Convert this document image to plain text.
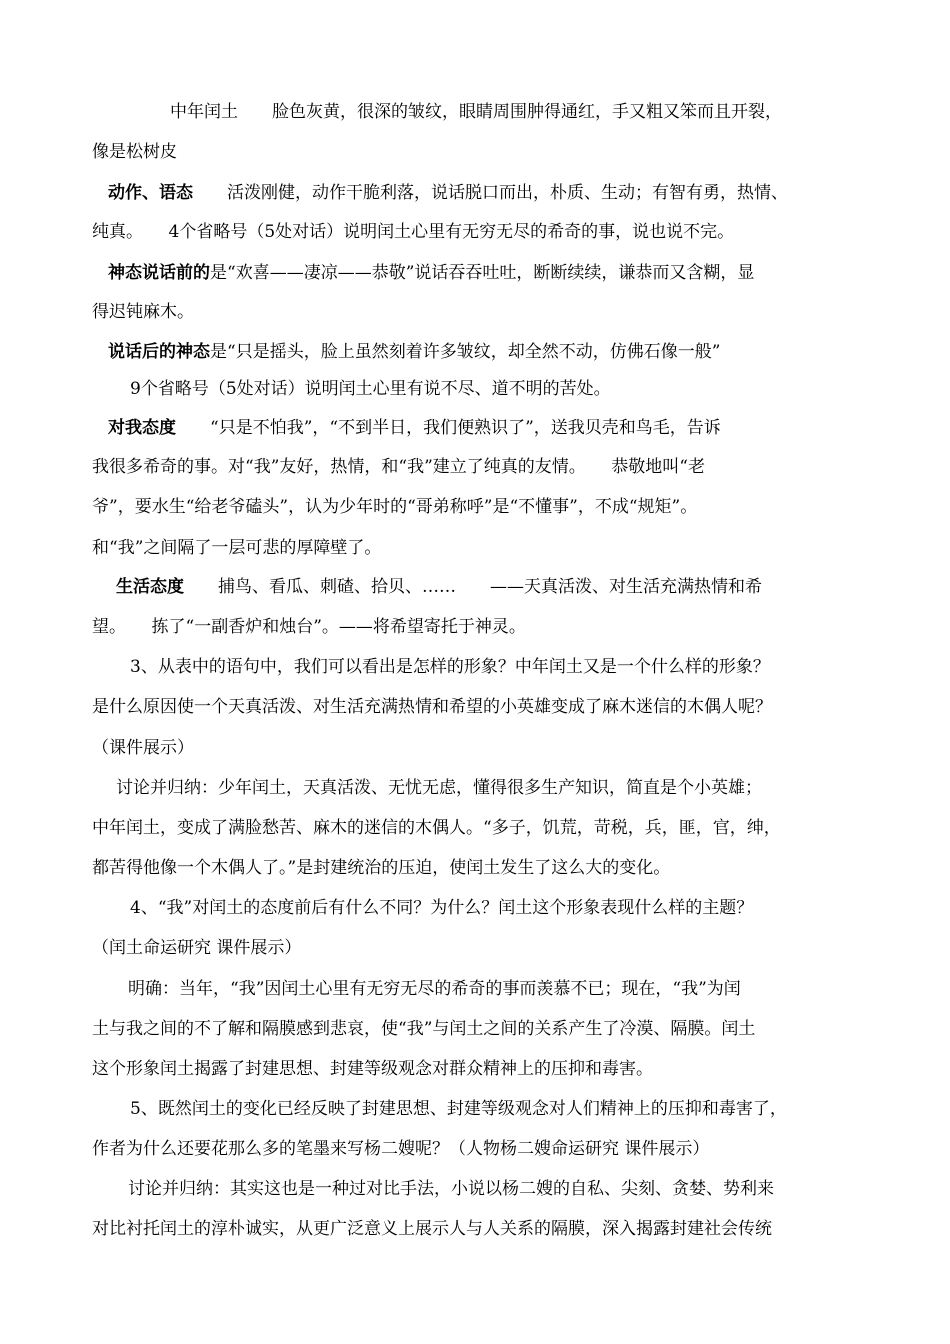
中年闰土　　脸色灰黄，很深的皱纹，眼睛周围肿得通红，手又粗又笨而且开裂，
像是松树皮
动作、语态　　活泼刚健，动作干脆利落，说话脱口而出，朴质、生动；有智有勇，热情、
纯真。　　4个省略号（5处对话）说明闰土心里有无穷无尽的希奇的事，说也说不完。
神态说话前的是“欢喜——凄凉——恭敬”说话吞吞吐吐，断断续续，谦恭而又含糊，显
得迟钝麻木。
说话后的神态是“只是摇头，脸上虽然刻着许多皱纹，却全然不动，仿佛石像一般”
9个省略号（5处对话）说明闰土心里有说不尽、道不明的苦处。
对我态度　　“只是不怕我”，“不到半日，我们便熟识了”，送我贝壳和鸟毛，告诉
我很多希奇的事。对“我”友好，热情，和“我”建立了纯真的友情。　　恭敬地叫“老
爷”，要水生“给老爷磕头”，认为少年时的“哥弟称呼”是“不懂事”，不成“规矩”。
和“我”之间隔了一层可悲的厚障壁了。
生活态度　　捕鸟、看瓜、刺碴、拾贝、……　　——天真活泼、对生活充满热情和希
望。　　拣了“一副香炉和烛台”。——将希望寄托于神灵。
3、从表中的语句中，我们可以看出是怎样的形象？中年闰土又是一个什么样的形象？
是什么原因使一个天真活泼、对生活充满热情和希望的小英雄变成了麻木迷信的木偶人呢？
（课件展示）
讨论并归纳：少年闰土，天真活泼、无忧无虑，懂得很多生产知识，简直是个小英雄；
中年闰土，变成了满脸愁苦、麻木的迷信的木偶人。“多子，饥荒，苛税，兵，匪，官，绅，
都苦得他像一个木偶人了。”是封建统治的压迫，使闰土发生了这么大的变化。
4、“我”对闰土的态度前后有什么不同？为什么？闰土这个形象表现什么样的主题？
（闰土命运研究 课件展示）
明确：当年，“我”因闰土心里有无穷无尽的希奇的事而羡慕不已；现在，“我”为闰
土与我之间的不了解和隔膜感到悲哀，使“我”与闰土之间的关系产生了冷漠、隔膜。闰土
这个形象闰土揭露了封建思想、封建等级观念对群众精神上的压抑和毒害。
5、既然闰土的变化已经反映了封建思想、封建等级观念对人们精神上的压抑和毒害了，
作者为什么还要花那么多的笔墨来写杨二嫂呢？（人物杨二嫂命运研究 课件展示）
讨论并归纳：其实这也是一种过对比手法，小说以杨二嫂的自私、尖刻、贪婪、势利来
对比衬托闰土的淳朴诚实，从更广泛意义上展示人与人关系的隔膜，深入揭露封建社会传统
